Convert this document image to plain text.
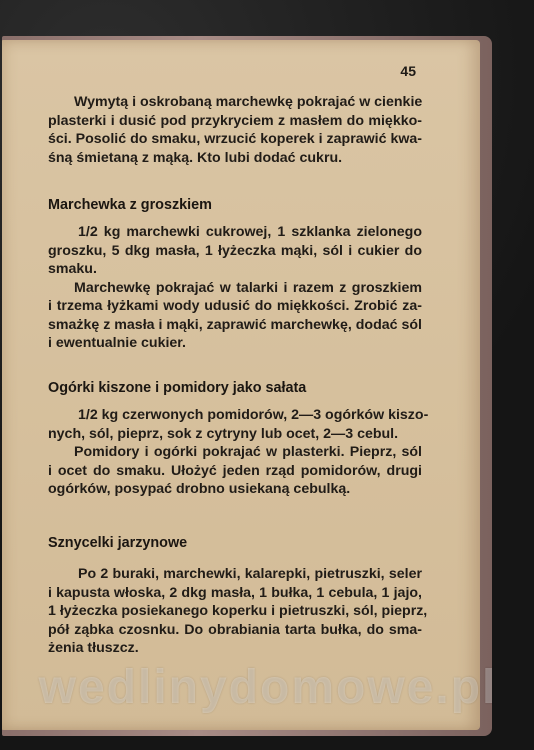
45
Wymytą i oskrobaną marchewkę pokrajać w cienkie
plasterki i dusić pod przykryciem z masłem do miękko-
ści. Posolić do smaku, wrzucić koperek i zaprawić kwa-
śną śmietaną z mąką. Kto lubi dodać cukru.
Marchewka z groszkiem
1/2 kg marchewki cukrowej, 1 szklanka zielonego
groszku, 5 dkg masła, 1 łyżeczka mąki, sól i cukier do
smaku.
Marchewkę pokrajać w talarki i razem z groszkiem
i trzema łyżkami wody udusić do miękkości. Zrobić za-
smażkę z masła i mąki, zaprawić marchewkę, dodać sól
i ewentualnie cukier.
Ogórki kiszone i pomidory jako sałata
1/2 kg czerwonych pomidorów, 2—3 ogórków kiszo-
nych, sól, pieprz, sok z cytryny lub ocet, 2—3 cebul.
Pomidory i ogórki pokrajać w plasterki. Pieprz, sól
i ocet do smaku. Ułożyć jeden rząd pomidorów, drugi
ogórków, posypać drobno usiekaną cebulką.
Sznycelki jarzynowe
Po 2 buraki, marchewki, kalarepki, pietruszki, seler
i kapusta włoska, 2 dkg masła, 1 bułka, 1 cebula, 1 jajo,
1 łyżeczka posiekanego koperku i pietruszki, sól, pieprz,
pół ząbka czosnku. Do obrabiania tarta bułka, do sma-
żenia tłuszcz.
wedlinydomowe.pl
